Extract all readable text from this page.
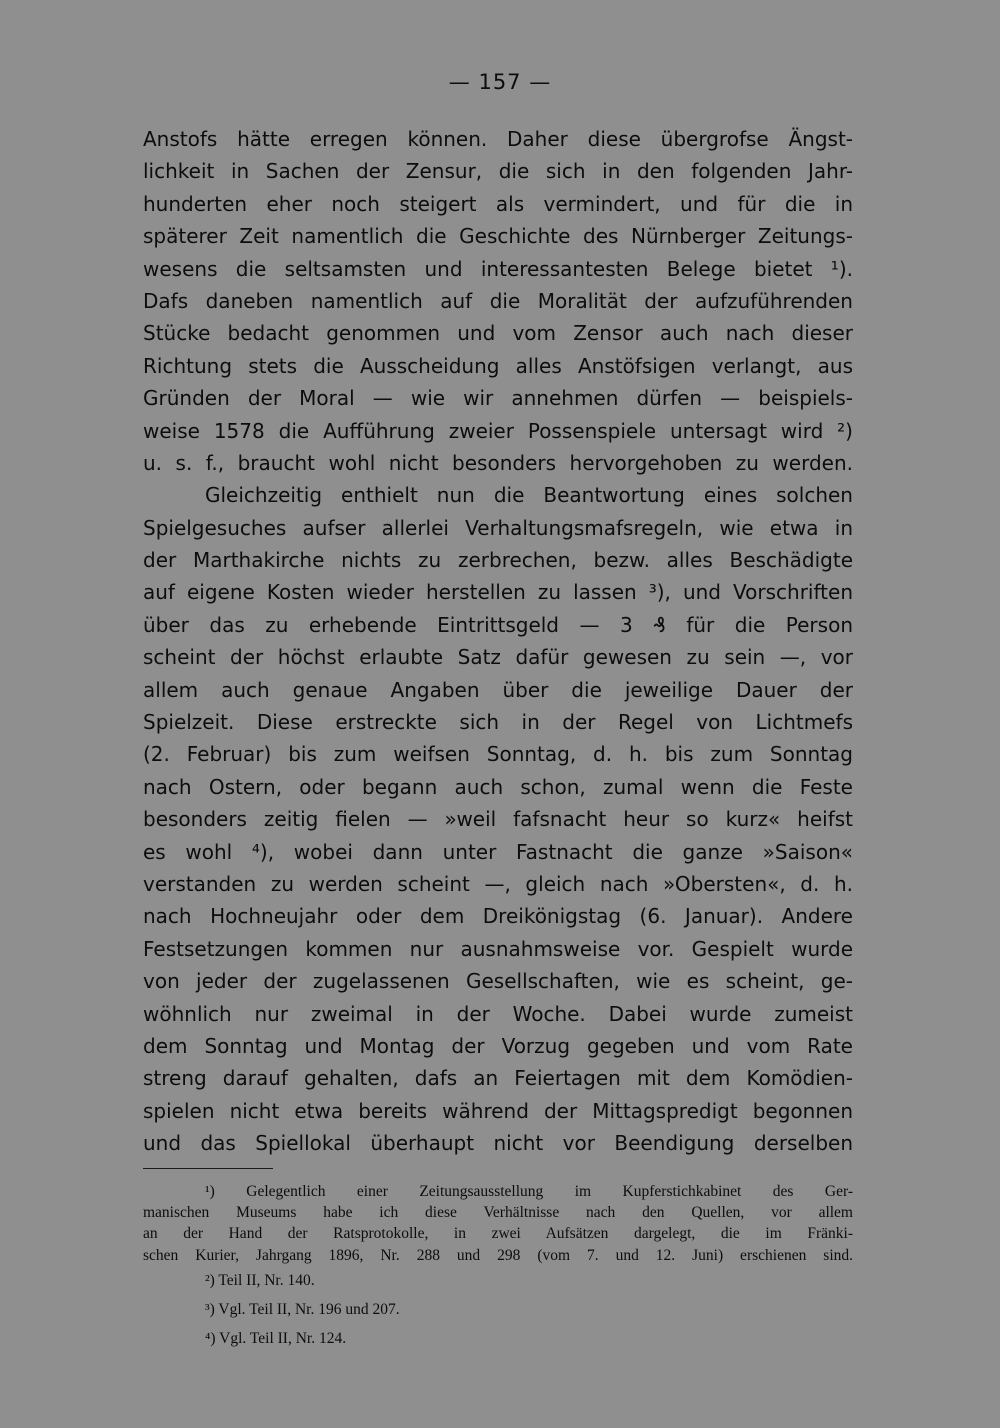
— 157 —
Anstofs hätte erregen können. Daher diese übergrofse Ängst-
lichkeit in Sachen der Zensur, die sich in den folgenden Jahr-
hunderten eher noch steigert als vermindert, und für die in
späterer Zeit namentlich die Geschichte des Nürnberger Zeitungs-
wesens die seltsamsten und interessantesten Belege bietet ¹).
Dafs daneben namentlich auf die Moralität der aufzuführenden
Stücke bedacht genommen und vom Zensor auch nach dieser
Richtung stets die Ausscheidung alles Anstöfsigen verlangt, aus
Gründen der Moral — wie wir annehmen dürfen — beispiels-
weise 1578 die Aufführung zweier Possenspiele untersagt wird ²)
u. s. f., braucht wohl nicht besonders hervorgehoben zu werden.
Gleichzeitig enthielt nun die Beantwortung eines solchen
Spielgesuches aufser allerlei Verhaltungsmafsregeln, wie etwa in
der Marthakirche nichts zu zerbrechen, bezw. alles Beschädigte
auf eigene Kosten wieder herstellen zu lassen ³), und Vorschriften
über das zu erhebende Eintrittsgeld — 3 ₰ für die Person
scheint der höchst erlaubte Satz dafür gewesen zu sein —, vor
allem auch genaue Angaben über die jeweilige Dauer der
Spielzeit. Diese erstreckte sich in der Regel von Lichtmefs
(2. Februar) bis zum weifsen Sonntag, d. h. bis zum Sonntag
nach Ostern, oder begann auch schon, zumal wenn die Feste
besonders zeitig fielen — »weil fafsnacht heur so kurz« heifst
es wohl ⁴), wobei dann unter Fastnacht die ganze »Saison«
verstanden zu werden scheint —, gleich nach »Obersten«, d. h.
nach Hochneujahr oder dem Dreikönigstag (6. Januar). Andere
Festsetzungen kommen nur ausnahmsweise vor. Gespielt wurde
von jeder der zugelassenen Gesellschaften, wie es scheint, ge-
wöhnlich nur zweimal in der Woche. Dabei wurde zumeist
dem Sonntag und Montag der Vorzug gegeben und vom Rate
streng darauf gehalten, dafs an Feiertagen mit dem Komödien-
spielen nicht etwa bereits während der Mittagspredigt begonnen
und das Spiellokal überhaupt nicht vor Beendigung derselben
¹) Gelegentlich einer Zeitungsausstellung im Kupferstichkabinet des Ger-
manischen Museums habe ich diese Verhältnisse nach den Quellen, vor allem
an der Hand der Ratsprotokolle, in zwei Aufsätzen dargelegt, die im Fränki-
schen Kurier, Jahrgang 1896, Nr. 288 und 298 (vom 7. und 12. Juni) erschienen sind.
²) Teil II, Nr. 140.
³) Vgl. Teil II, Nr. 196 und 207.
⁴) Vgl. Teil II, Nr. 124.
